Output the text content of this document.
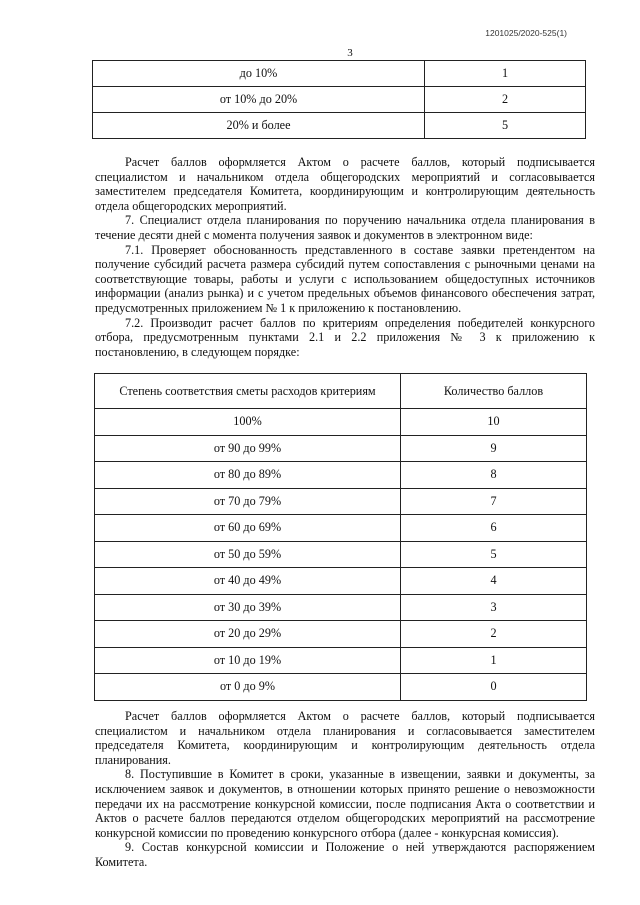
1201025/2020-525(1)
3
до 10%	1
от 10% до 20%	2
20% и более	5

Расчет баллов оформляется Актом о расчете баллов, который подписывается специалистом и начальником отдела общегородских мероприятий и согласовывается заместителем председателя Комитета, координирующим и контролирующим деятельность отдела общегородских мероприятий.

7. Специалист отдела планирования по поручению начальника отдела планирования в течение десяти дней с момента получения заявок и документов в электронном виде:

7.1. Проверяет обоснованность представленного в составе заявки претендентом на получение субсидий расчета размера субсидий путем сопоставления с рыночными ценами на соответствующие товары, работы и услуги с использованием общедоступных источников информации (анализ рынка) и с учетом предельных объемов финансового обеспечения затрат, предусмотренных приложением № 1 к приложению к постановлению.

7.2. Производит расчет баллов по критериям определения победителей конкурсного отбора, предусмотренным пунктами 2.1 и 2.2 приложения № 3 к приложению к постановлению, в следующем порядке:

Степень соответствия сметы расходов критериям	Количество баллов
100%	10
от 90 до 99%	9
от 80 до 89%	8
от 70 до 79%	7
от 60 до 69%	6
от 50 до 59%	5
от 40 до 49%	4
от 30 до 39%	3
от 20 до 29%	2
от 10 до 19%	1
от 0 до 9%	0

Расчет баллов оформляется Актом о расчете баллов, который подписывается специалистом и начальником отдела планирования и согласовывается заместителем председателя Комитета, координирующим и контролирующим деятельность отдела планирования.

8. Поступившие в Комитет в сроки, указанные в извещении, заявки и документы, за исключением заявок и документов, в отношении которых принято решение о невозможности передачи их на рассмотрение конкурсной комиссии, после подписания Акта о соответствии и Актов о расчете баллов передаются отделом общегородских мероприятий на рассмотрение конкурсной комиссии по проведению конкурсного отбора (далее - конкурсная комиссия).

9. Состав конкурсной комиссии и Положение о ней утверждаются распоряжением Комитета.
